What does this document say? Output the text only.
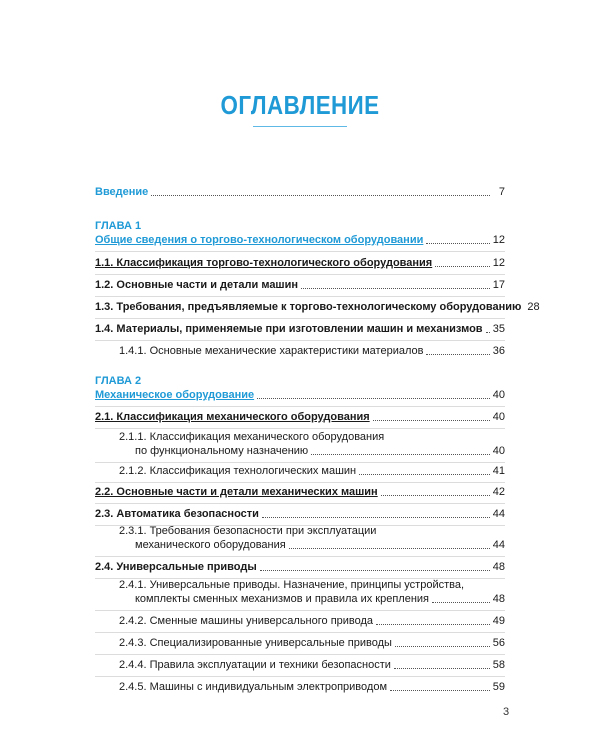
ОГЛАВЛЕНИЕ
Введение	7
ГЛАВА 1
Общие сведения о торгово-технологическом оборудовании	12
1.1. Классификация торгово-технологического оборудования	12
1.2. Основные части и детали машин	17
1.3. Требования, предъявляемые к торгово-технологическому оборудованию 28
1.4. Материалы, применяемые при изготовлении машин и механизмов 35
1.4.1. Основные механические характеристики материалов	36
ГЛАВА 2
Механическое оборудование	40
2.1. Классификация механического оборудования	40
2.1.1. Классификация механического оборудования
по функциональному назначению	40
2.1.2. Классификация технологических машин	41
2.2. Основные части и детали механических машин	42
2.3. Автоматика безопасности	44
2.3.1. Требования безопасности при эксплуатации
механического оборудования	44
2.4. Универсальные приводы	48
2.4.1. Универсальные приводы. Назначение, принципы устройства,
комплекты сменных механизмов и правила их крепления	48
2.4.2. Сменные машины универсального привода	49
2.4.3. Специализированные универсальные приводы	56
2.4.4. Правила эксплуатации и техники безопасности	58
2.4.5. Машины с индивидуальным электроприводом	59
3
